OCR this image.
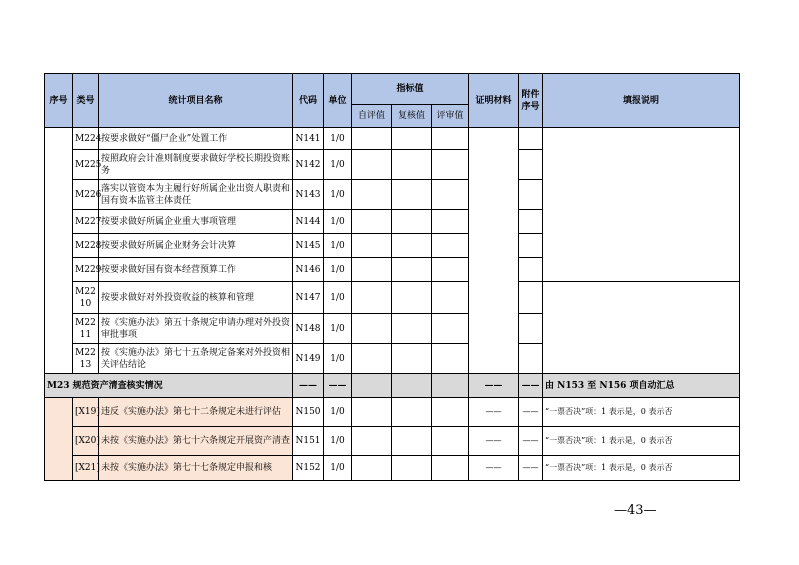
序号	类号	统计项目名称	代码	单位	指标值			证明材料	附件序号	填报说明
					自评值	复核值	评审值			
	M224	按要求做好“僵尸企业”处置工作	N141	1/0						
	M225	按照政府会计准则制度要求做好学校长期投资账务	N142	1/0						
	M226	落实以管资本为主履行好所属企业出资人职责和国有资本监管主体责任	N143	1/0						
	M227	按要求做好所属企业重大事项管理	N144	1/0						
	M228	按要求做好所属企业财务会计决算	N145	1/0						
	M229	按要求做好国有资本经营预算工作	N146	1/0						
	M2210	按要求做好对外投资收益的核算和管理	N147	1/0						
	M2211	按《实施办法》第五十条规定申请办理对外投资审批事项	N148	1/0						
	M2213	按《实施办法》第七十五条规定备案对外投资相关评估结论	N149	1/0						
M23 规范资产清查核实情况			——	——				——	——	由 N153 至 N156 项自动汇总
	[X19]	违反《实施办法》第七十二条规定未进行评估	N150	1/0				——	——	“一票否决”项：1 表示是，0 表示否
	[X20]	未按《实施办法》第七十六条规定开展资产清查	N151	1/0				——	——	“一票否决”项：1 表示是，0 表示否
	[X21]	未按《实施办法》第七十七条规定申报和核	N152	1/0				——	——	“一票否决”项：1 表示是，0 表示否
—43—
